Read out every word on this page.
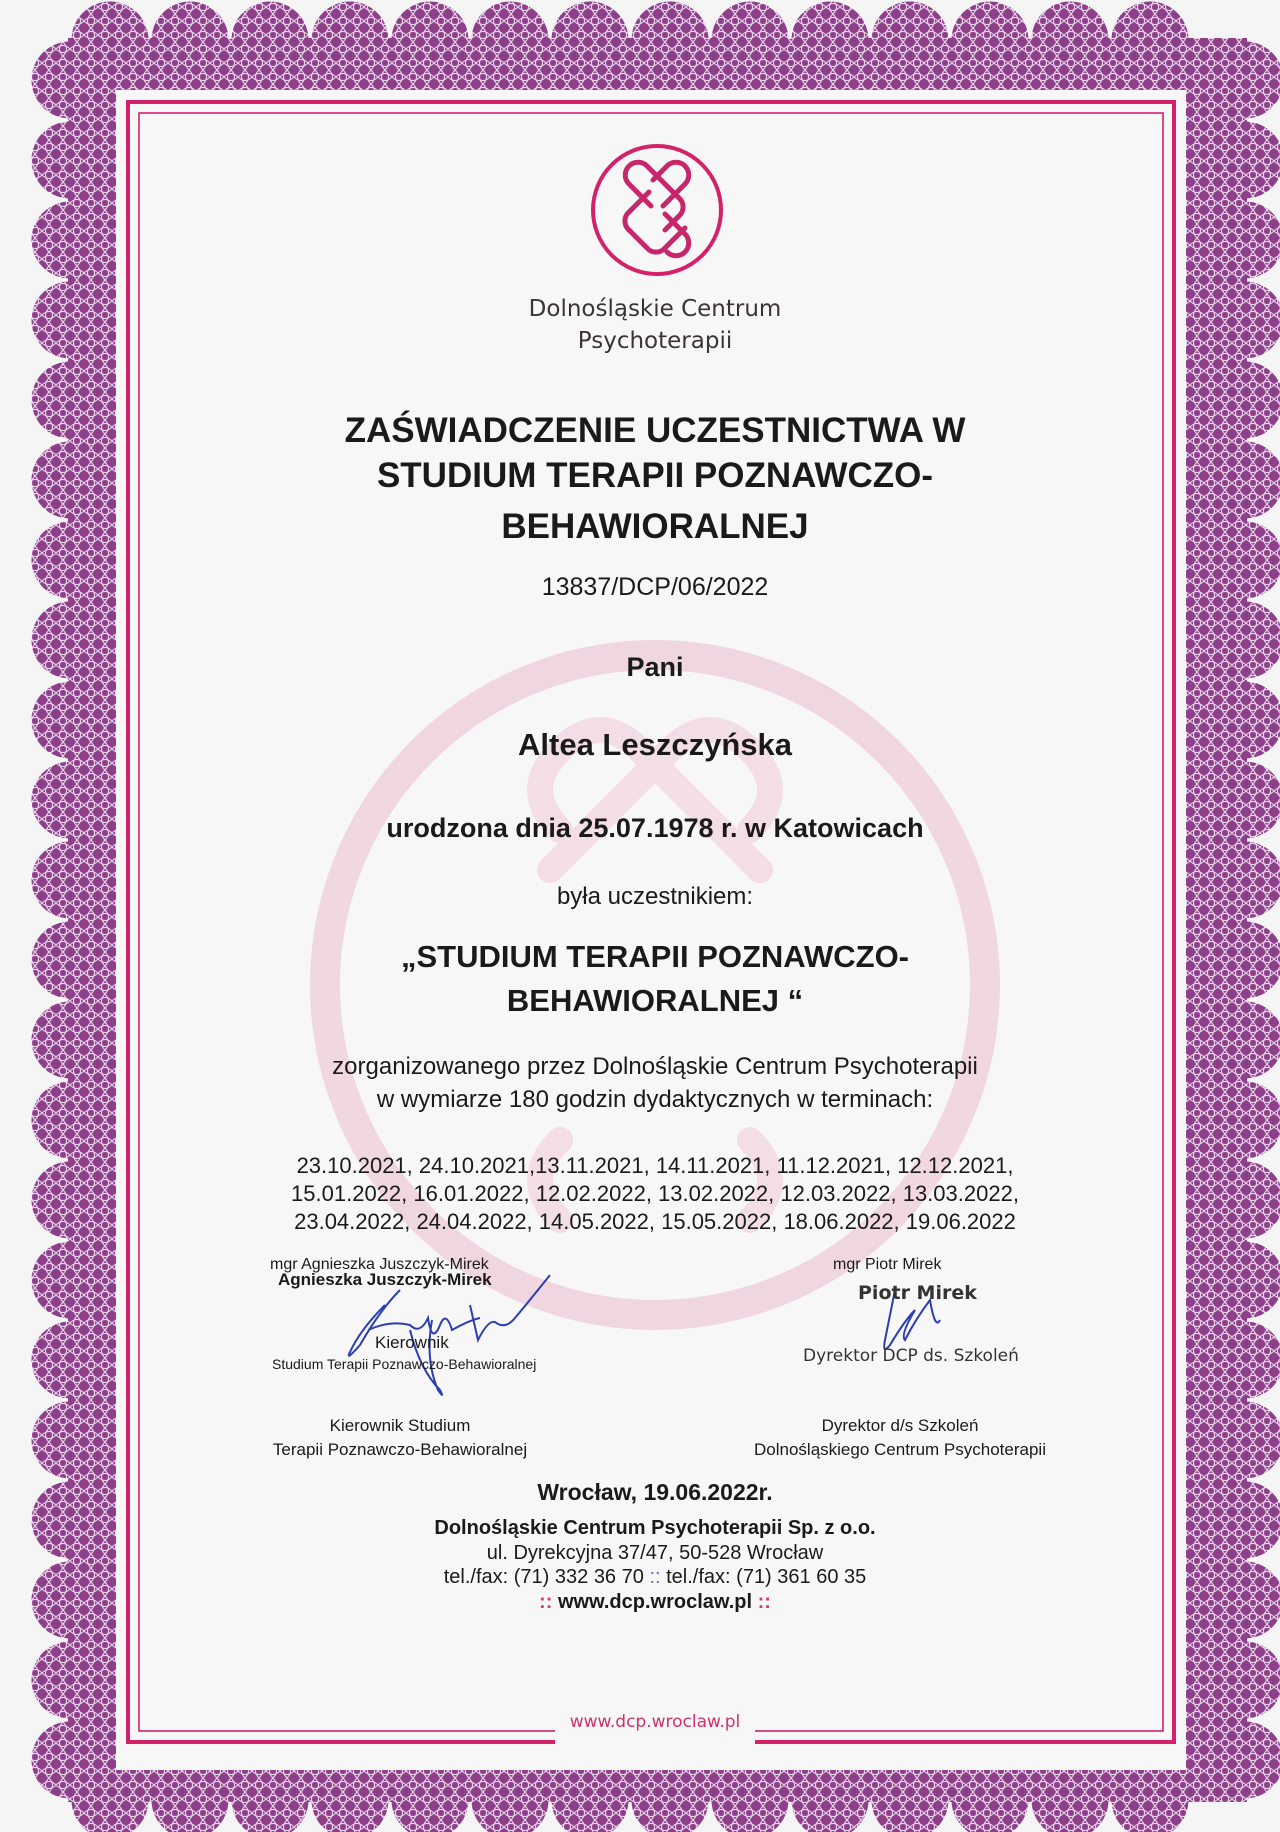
Dolnośląskie Centrum
Psychoterapii
ZAŚWIADCZENIE UCZESTNICTWA W
STUDIUM TERAPII POZNAWCZO-
BEHAWIORALNEJ
13837/DCP/06/2022
Pani
Altea Leszczyńska
urodzona dnia 25.07.1978 r. w Katowicach
była uczestnikiem:
„STUDIUM TERAPII POZNAWCZO-
BEHAWIORALNEJ “
zorganizowanego przez Dolnośląskie Centrum Psychoterapii
w wymiarze 180 godzin dydaktycznych w terminach:
23.10.2021, 24.10.2021,13.11.2021, 14.11.2021, 11.12.2021, 12.12.2021,
15.01.2022, 16.01.2022, 12.02.2022, 13.02.2022, 12.03.2022, 13.03.2022,
23.04.2022, 24.04.2022, 14.05.2022, 15.05.2022, 18.06.2022, 19.06.2022
mgr Agnieszka Juszczyk-Mirek
Agnieszka Juszczyk-Mirek
Kierownik
Studium Terapii Poznawczo-Behawioralnej
Kierownik Studium
Terapii Poznawczo-Behawioralnej
mgr Piotr Mirek
Piotr Mirek
Dyrektor DCP ds. Szkoleń
Dyrektor d/s Szkoleń
Dolnośląskiego Centrum Psychoterapii
Wrocław, 19.06.2022r.
Dolnośląskie Centrum Psychoterapii Sp. z o.o.
ul. Dyrekcyjna 37/47, 50-528 Wrocław
tel./fax: (71) 332 36 70 :: tel./fax: (71) 361 60 35
:: www.dcp.wroclaw.pl ::
www.dcp.wroclaw.pl
